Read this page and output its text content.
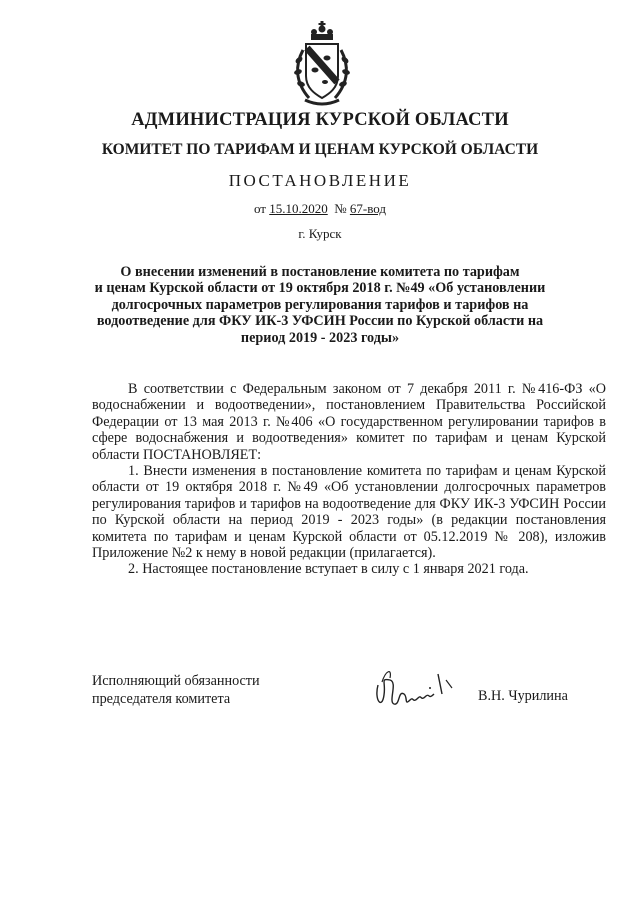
АДМИНИСТРАЦИЯ КУРСКОЙ ОБЛАСТИ
КОМИТЕТ ПО ТАРИФАМ И ЦЕНАМ КУРСКОЙ ОБЛАСТИ
ПОСТАНОВЛЕНИЕ
от 15.10.2020 № 67-вод
г. Курск
О внесении изменений в постановление комитета по тарифам
и ценам Курской области от 19 октября 2018 г. №49 «Об установлении
долгосрочных параметров регулирования тарифов и тарифов на
водоотведение для ФКУ ИК-3 УФСИН России по Курской области на
период 2019 - 2023 годы»

В соответствии с Федеральным законом от 7 декабря 2011 г. №416-ФЗ «О водоснабжении и водоотведении», постановлением Правительства Российской Федерации от 13 мая 2013 г. №406 «О государственном регулировании тарифов в сфере водоснабжения и водоотведения» комитет по тарифам и ценам Курской области ПОСТАНОВЛЯЕТ:

1. Внести изменения в постановление комитета по тарифам и ценам Курской области от 19 октября 2018 г. №49 «Об установлении долгосрочных параметров регулирования тарифов и тарифов на водоотведение для ФКУ ИК-3 УФСИН России по Курской области на период 2019 - 2023 годы» (в редакции постановления комитета по тарифам и ценам Курской области от 05.12.2019 № 208), изложив Приложение №2 к нему в новой редакции (прилагается).

2. Настоящее постановление вступает в силу с 1 января 2021 года.

Исполняющий обязанности
председателя комитета	В.Н. Чурилина
